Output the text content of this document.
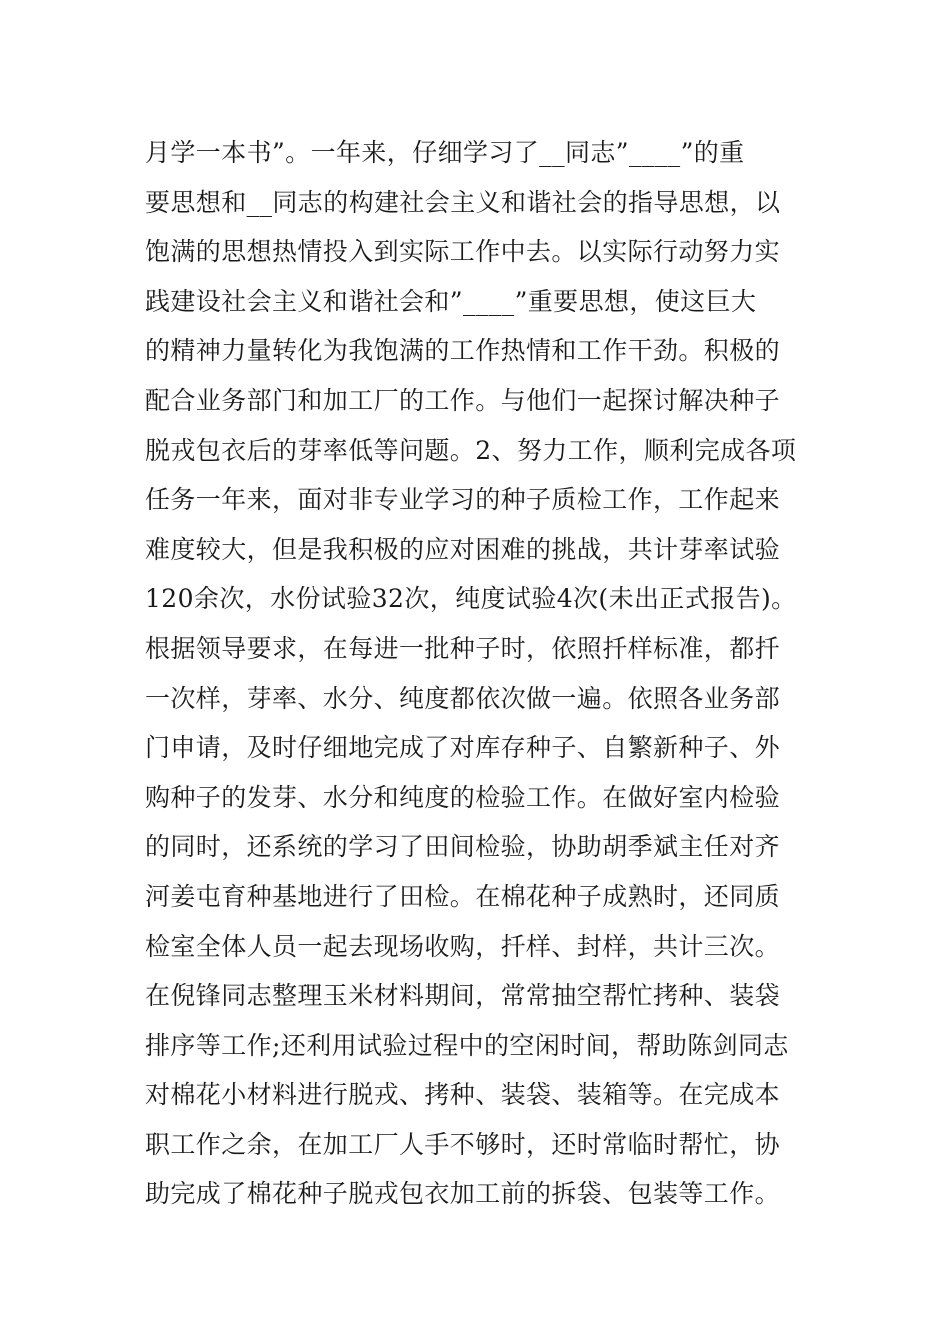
月学一本书”。一年来，仔细学习了__同志”____”的重
要思想和__同志的构建社会主义和谐社会的指导思想，以
饱满的思想热情投入到实际工作中去。以实际行动努力实
践建设社会主义和谐社会和”____”重要思想，使这巨大
的精神力量转化为我饱满的工作热情和工作干劲。积极的
配合业务部门和加工厂的工作。与他们一起探讨解决种子
脱戎包衣后的芽率低等问题。2、努力工作，顺利完成各项
任务一年来，面对非专业学习的种子质检工作，工作起来
难度较大，但是我积极的应对困难的挑战，共计芽率试验
120余次，水份试验32次，纯度试验4次(未出正式报告)。
根据领导要求，在每进一批种子时，依照扦样标准，都扦
一次样，芽率、水分、纯度都依次做一遍。依照各业务部
门申请，及时仔细地完成了对库存种子、自繁新种子、外
购种子的发芽、水分和纯度的检验工作。在做好室内检验
的同时，还系统的学习了田间检验，协助胡季斌主任对齐
河姜屯育种基地进行了田检。在棉花种子成熟时，还同质
检室全体人员一起去现场收购，扦样、封样，共计三次。
在倪锋同志整理玉米材料期间，常常抽空帮忙拷种、装袋
排序等工作;还利用试验过程中的空闲时间，帮助陈剑同志
对棉花小材料进行脱戎、拷种、装袋、装箱等。在完成本
职工作之余，在加工厂人手不够时，还时常临时帮忙，协
助完成了棉花种子脱戎包衣加工前的拆袋、包装等工作。
